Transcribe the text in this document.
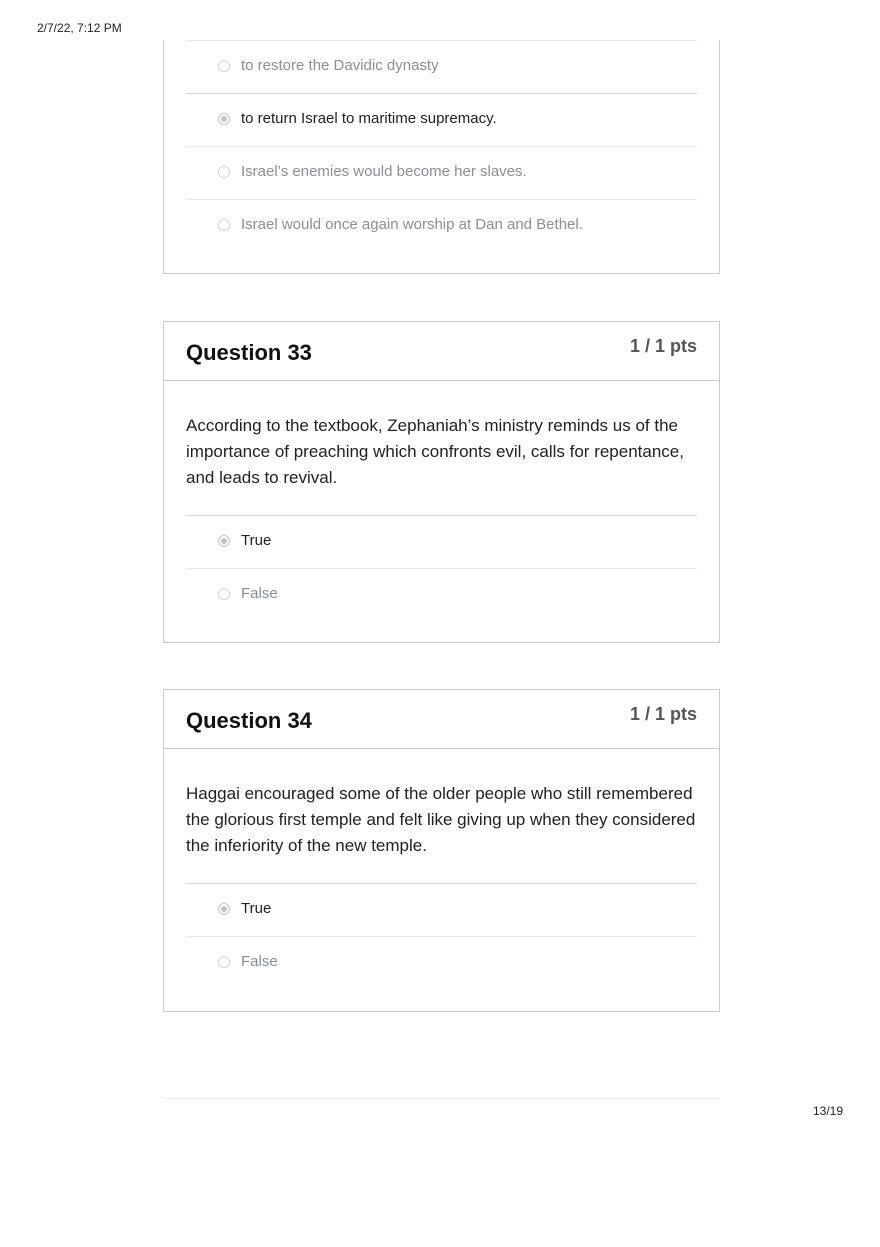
2/7/22, 7:12 PM
to restore the Davidic dynasty
to return Israel to maritime supremacy.
Israel’s enemies would become her slaves.
Israel would once again worship at Dan and Bethel.
Question 33	1 / 1 pts
According to the textbook, Zephaniah’s ministry reminds us of the importance of preaching which confronts evil, calls for repentance, and leads to revival.
True
False
Question 34	1 / 1 pts
Haggai encouraged some of the older people who still remembered the glorious first temple and felt like giving up when they considered the inferiority of the new temple.
True
False
13/19
